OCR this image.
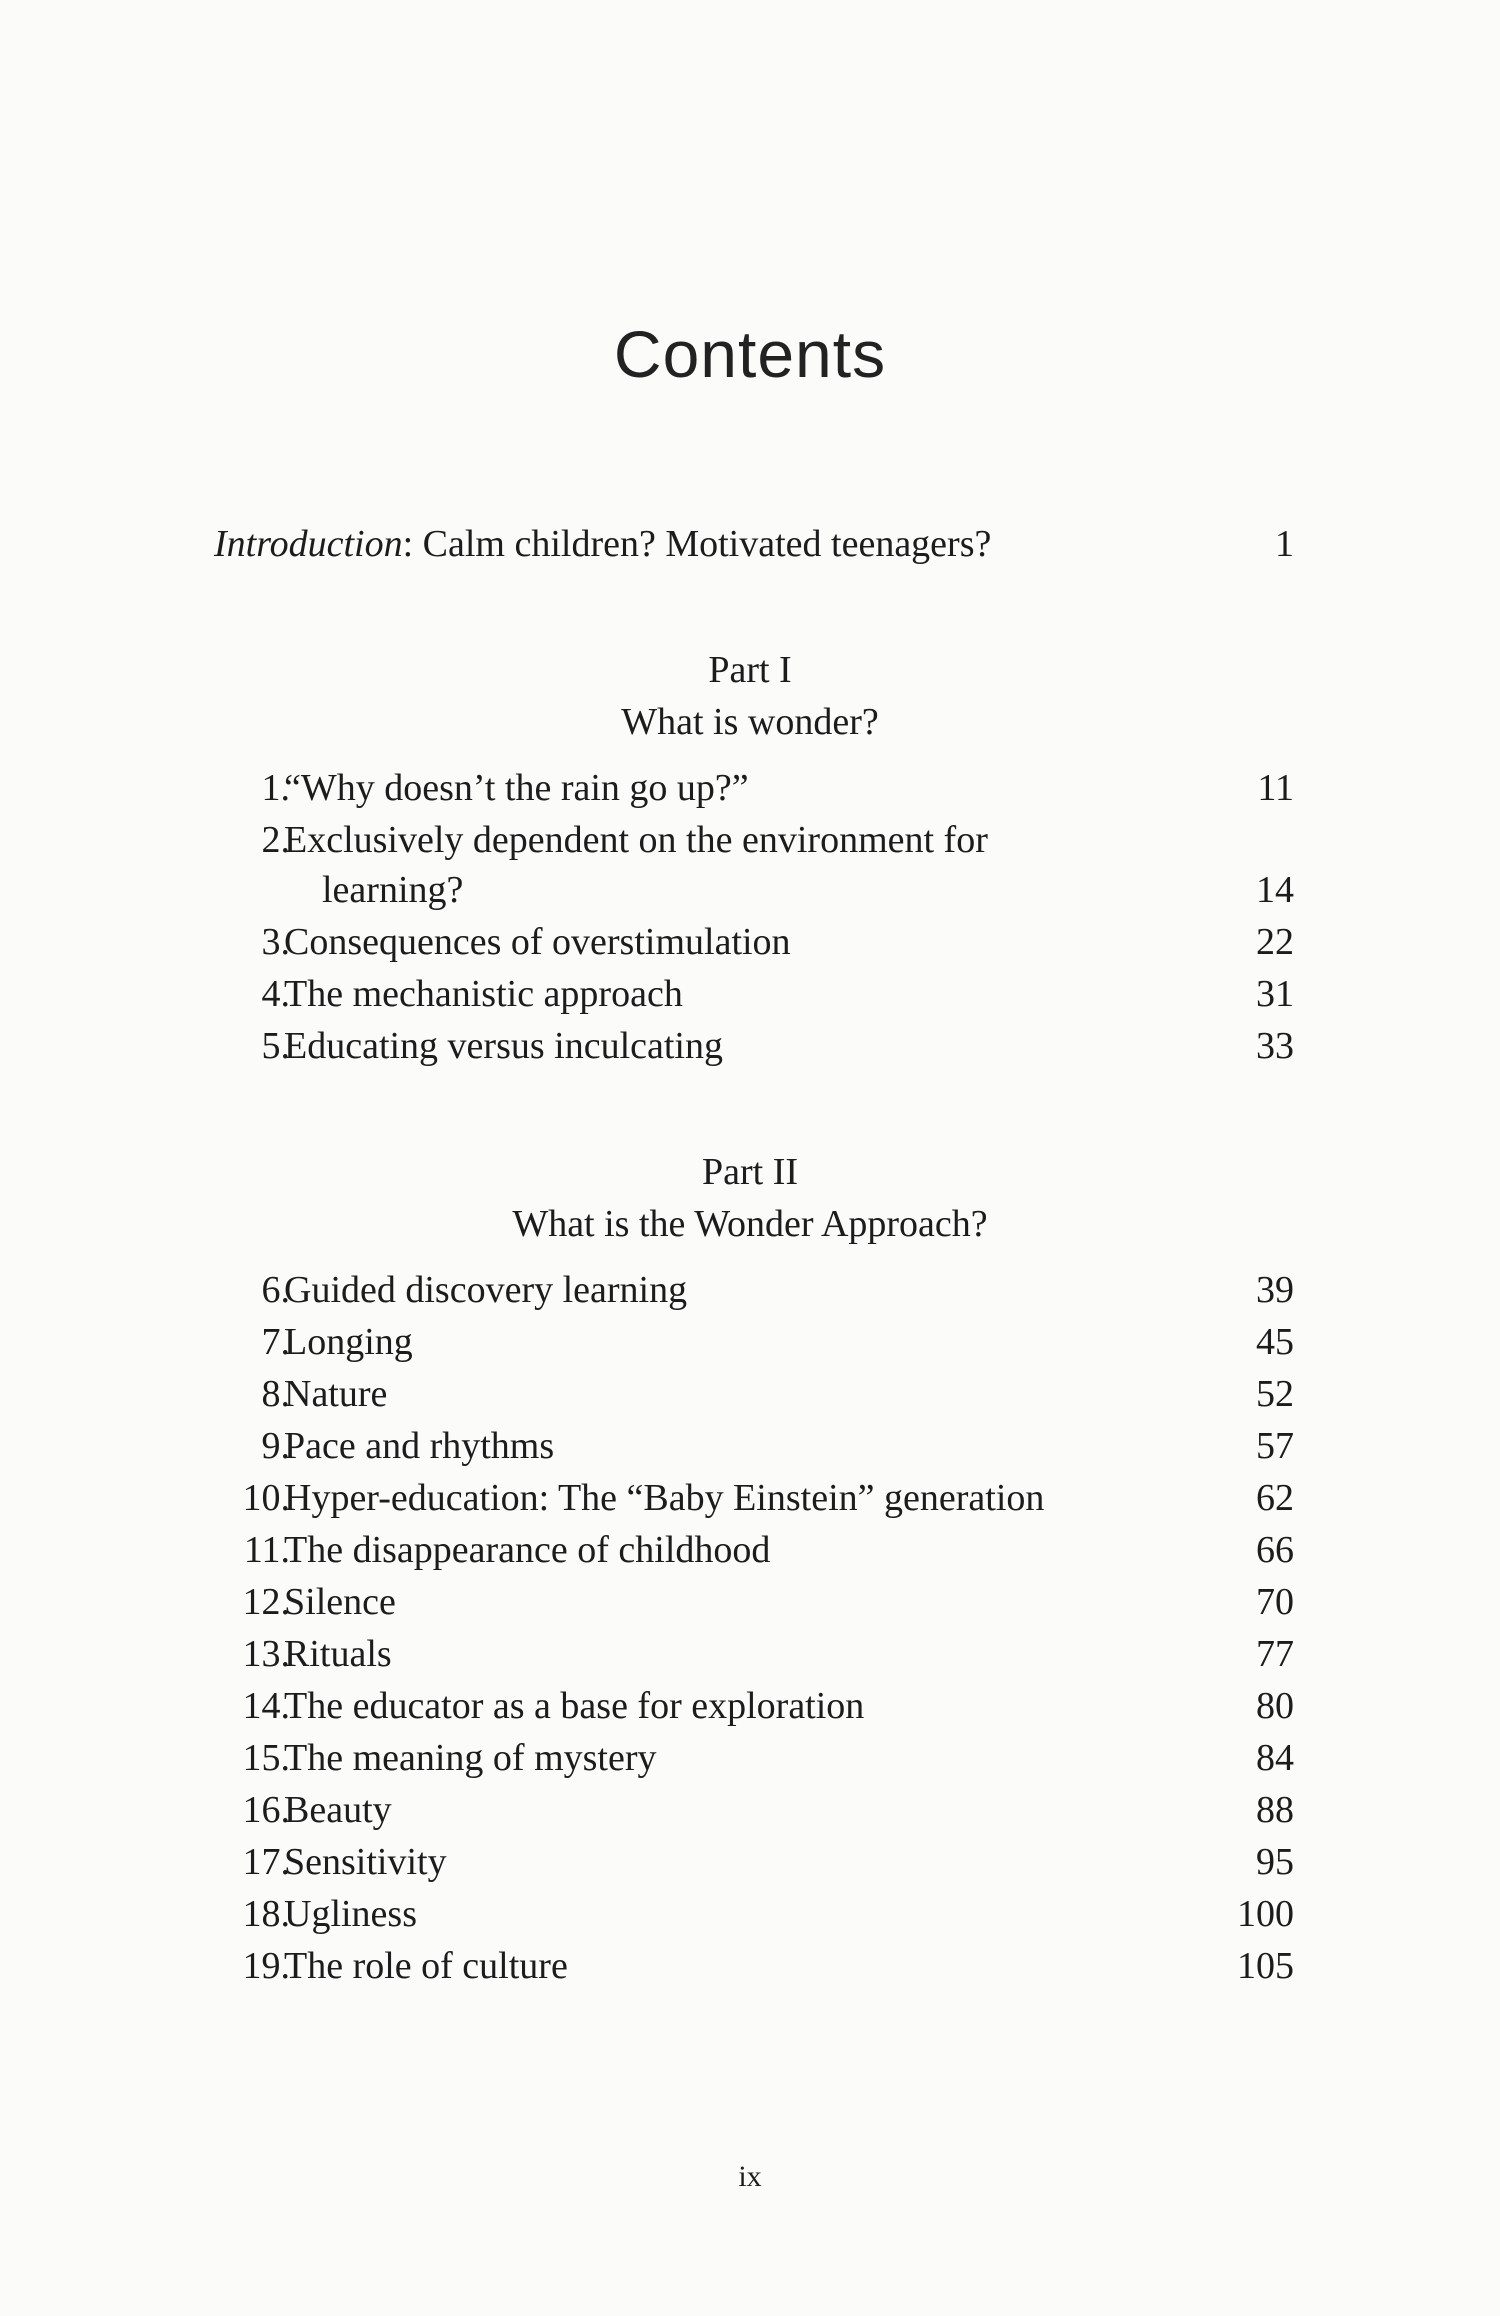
Contents
Introduction: Calm children? Motivated teenagers?	1
Part I
What is wonder?
1.
“Why doesn’t the rain go up?”	11
2.
Exclusively dependent on the environment for
learning?	14
3.
Consequences of overstimulation	22
4.
The mechanistic approach	31
5.
Educating versus inculcating	33
Part II
What is the Wonder Approach?
6.
Guided discovery learning	39
7.
Longing	45
8.
Nature	52
9.
Pace and rhythms	57
10.
Hyper-education: The “Baby Einstein” generation	62
11.
The disappearance of childhood	66
12.
Silence	70
13.
Rituals	77
14.
The educator as a base for exploration	80
15.
The meaning of mystery	84
16.
Beauty	88
17.
Sensitivity	95
18.
Ugliness	100
19.
The role of culture	105
ix
